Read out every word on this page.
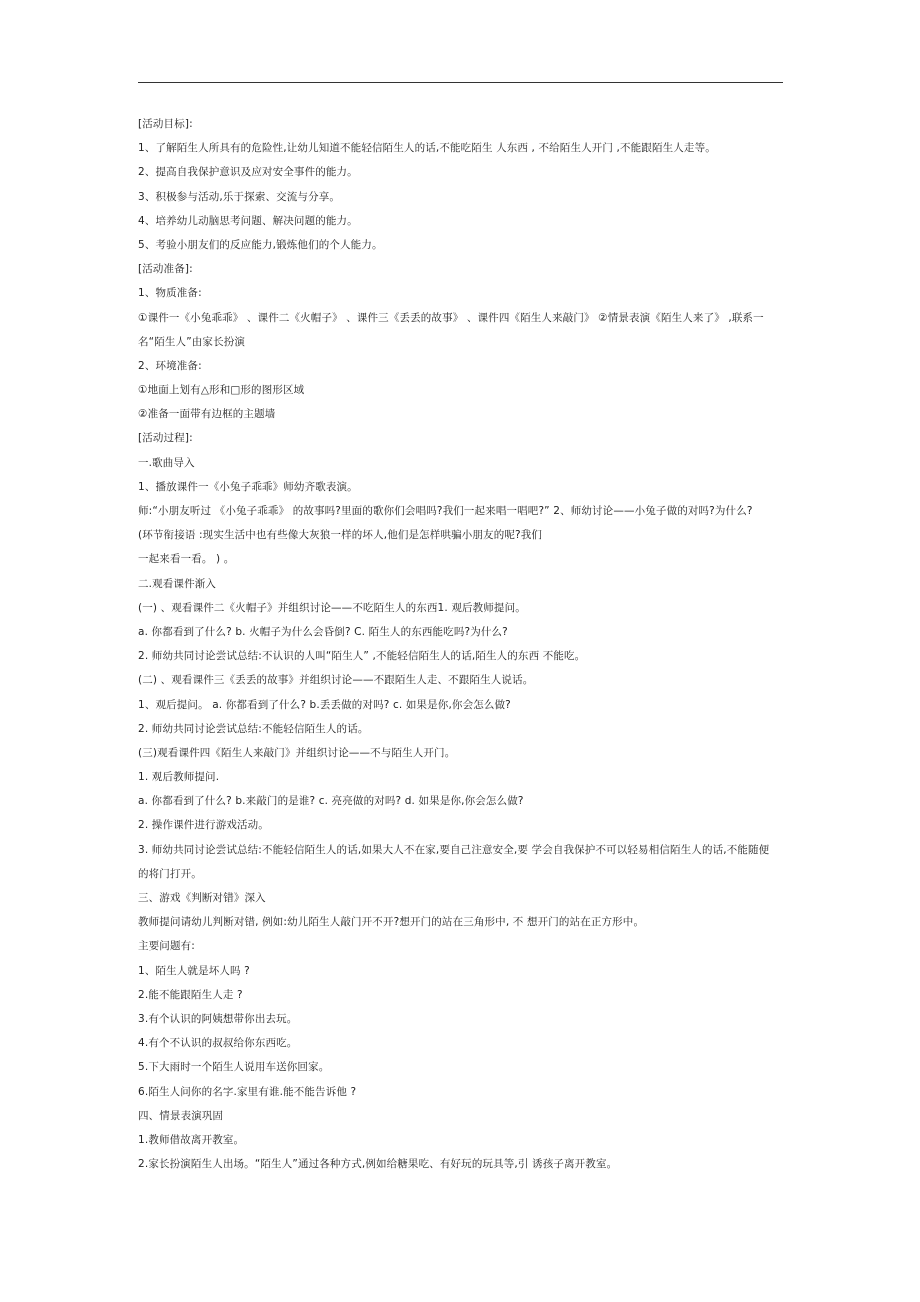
[活动目标]:
1、了解陌生人所具有的危险性,让幼儿知道不能轻信陌生人的话,不能吃陌生 人东西 , 不给陌生人开门 ,不能跟陌生人走等。
2、提高自我保护意识及应对安全事件的能力。
3、积极参与活动,乐于探索、交流与分享。
4、培养幼儿动脑思考问题、解决问题的能力。
5、考验小朋友们的反应能力,锻炼他们的个人能力。
[活动准备]:
1、物质准备:
①课件一《小兔乖乖》 、课件二《火帽子》 、课件三《丢丢的故事》 、课件四《陌生人来敲门》 ②情景表演《陌生人来了》 ,联系一
名“陌生人”由家长扮演
2、环境准备:
①地面上划有△形和□形的图形区域
②准备一面带有边框的主题墙
[活动过程]:
一.歌曲导入
1、播放课件一《小兔子乖乖》师幼齐歌表演。
师:“小朋友听过 《小兔子乖乖》 的故事吗?里面的歌你们会唱吗?我们一起来唱一唱吧?” 2、师幼讨论——小兔子做的对吗?为什么?
(环节衔接语 :现实生活中也有些像大灰狼一样的坏人,他们是怎样哄骗小朋友的呢?我们
一起来看一看。 ) 。
二.观看课件渐入
(一) 、观看课件二《火帽子》并组织讨论——不吃陌生人的东西1. 观后教师提问。
a. 你都看到了什么? b. 火帽子为什么会昏倒? C. 陌生人的东西能吃吗?为什么?
2. 师幼共同讨论尝试总结:不认识的人叫“陌生人” ,不能轻信陌生人的话,陌生人的东西 不能吃。
(二) 、观看课件三《丢丢的故事》并组织讨论——不跟陌生人走、不跟陌生人说话。
1、观后提问。 a. 你都看到了什么? b.丢丢做的对吗? c. 如果是你,你会怎么做?
2. 师幼共同讨论尝试总结:不能轻信陌生人的话。
(三)观看课件四《陌生人来敲门》并组织讨论——不与陌生人开门。
1. 观后教师提问.
a. 你都看到了什么? b.来敲门的是谁? c. 亮亮做的对吗? d. 如果是你,你会怎么做?
2. 操作课件进行游戏活动。
3. 师幼共同讨论尝试总结:不能轻信陌生人的话,如果大人不在家,要自己注意安全,要 学会自我保护不可以轻易相信陌生人的话,不能随便
的将门打开。
三、游戏《判断对错》深入
教师提问请幼儿判断对错, 例如:幼儿陌生人敲门开不开?想开门的站在三角形中, 不 想开门的站在正方形中。
主要问题有:
1、陌生人就是坏人吗 ?
2.能不能跟陌生人走 ?
3.有个认识的阿姨想带你出去玩。
4.有个不认识的叔叔给你东西吃。
5.下大雨时一个陌生人说用车送你回家。
6.陌生人问你的名字.家里有谁.能不能告诉他 ?
四、情景表演巩固
1.教师借故离开教室。
2.家长扮演陌生人出场。“陌生人”通过各种方式,例如给糖果吃、有好玩的玩具等,引 诱孩子离开教室。
